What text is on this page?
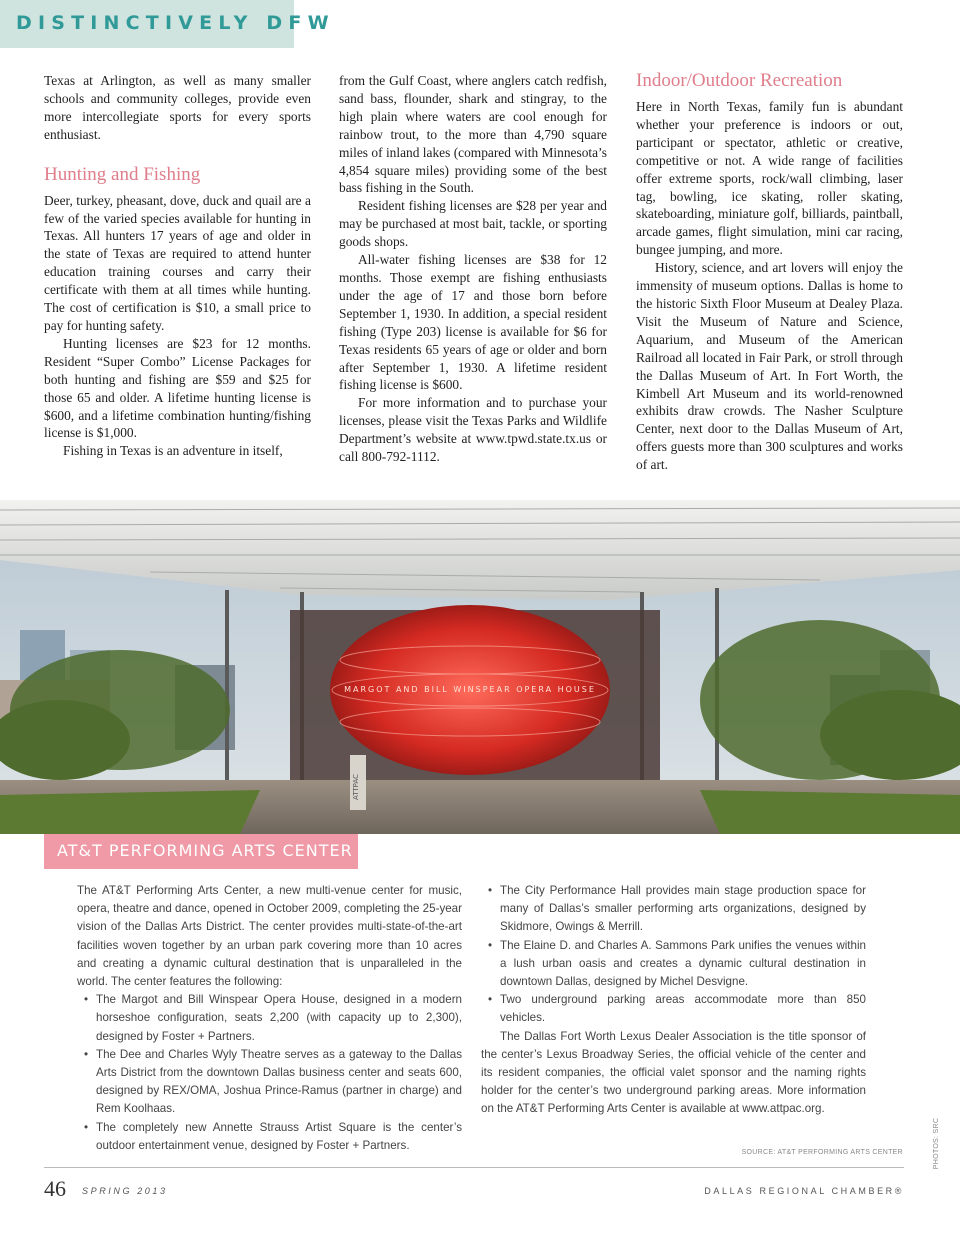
DISTINCTIVELY DFW

Texas at Arlington, as well as many smaller schools and community colleges, provide even more intercollegiate sports for every sports enthusiast.

Hunting and Fishing

Deer, turkey, pheasant, dove, duck and quail are a few of the varied species available for hunting in Texas. All hunters 17 years of age and older in the state of Texas are required to attend hunter education training courses and carry their certificate with them at all times while hunting. The cost of certification is $10, a small price to pay for hunting safety.

Hunting licenses are $23 for 12 months. Resident “Super Combo” License Packages for both hunting and fishing are $59 and $25 for those 65 and older. A lifetime hunting license is $600, and a lifetime combination hunting/fishing license is $1,000.

Fishing in Texas is an adventure in itself,

from the Gulf Coast, where anglers catch redfish, sand bass, flounder, shark and stingray, to the high plain where waters are cool enough for rainbow trout, to the more than 4,790 square miles of inland lakes (compared with Minnesota’s 4,854 square miles) providing some of the best bass fishing in the South.

Resident fishing licenses are $28 per year and may be purchased at most bait, tackle, or sporting goods shops.

All-water fishing licenses are $38 for 12 months. Those exempt are fishing enthusiasts under the age of 17 and those born before September 1, 1930. In addition, a special resident fishing (Type 203) license is available for $6 for Texas residents 65 years of age or older and born after September 1, 1930. A lifetime resident fishing license is $600.

For more information and to purchase your licenses, please visit the Texas Parks and Wildlife Department’s website at www.tpwd.state.tx.us or call 800-792-1112.

Indoor/Outdoor Recreation

Here in North Texas, family fun is abundant whether your preference is indoors or out, participant or spectator, athletic or creative, competitive or not. A wide range of facilities offer extreme sports, rock/wall climbing, laser tag, bowling, ice skating, roller skating, skateboarding, miniature golf, billiards, paintball, arcade games, flight simulation, mini car racing, bungee jumping, and more.

History, science, and art lovers will enjoy the immensity of museum options. Dallas is home to the historic Sixth Floor Museum at Dealey Plaza. Visit the Museum of Nature and Science, Aquarium, and Museum of the American Railroad all located in Fair Park, or stroll through the Dallas Museum of Art. In Fort Worth, the Kimbell Art Museum and its world-renowned exhibits draw crowds. The Nasher Sculpture Center, next door to the Dallas Museum of Art, offers guests more than 300 sculptures and works of art.

MARGOT AND BILL WINSPEAR OPERA HOUSE
ATTPAC
AT&T PERFORMING ARTS CENTER

The AT&T Performing Arts Center, a new multi-venue center for music, opera, theatre and dance, opened in October 2009, completing the 25-year vision of the Dallas Arts District. The center provides multi-state-of-the-art facilities woven together by an urban park covering more than 10 acres and creating a dynamic cultural destination that is unparalleled in the world. The center features the following:

• The Margot and Bill Winspear Opera House, designed in a modern horseshoe configuration, seats 2,200 (with capacity up to 2,300), designed by Foster + Partners.
• The Dee and Charles Wyly Theatre serves as a gateway to the Dallas Arts District from the downtown Dallas business center and seats 600, designed by REX/OMA, Joshua Prince-Ramus (partner in charge) and Rem Koolhaas.
• The completely new Annette Strauss Artist Square is the center’s outdoor entertainment venue, designed by Foster + Partners.
• The City Performance Hall provides main stage production space for many of Dallas’s smaller performing arts organizations, designed by Skidmore, Owings & Merrill.
• The Elaine D. and Charles A. Sammons Park unifies the venues within a lush urban oasis and creates a dynamic cultural destination in downtown Dallas, designed by Michel Desvigne.
• Two underground parking areas accommodate more than 850 vehicles.

The Dallas Fort Worth Lexus Dealer Association is the title sponsor of the center’s Lexus Broadway Series, the official vehicle of the center and its resident companies, the official valet sponsor and the naming rights holder for the center’s two underground parking areas. More information on the AT&T Performing Arts Center is available at www.attpac.org.

SOURCE: AT&T PERFORMING ARTS CENTER	PHOTOS: SRC
46 SPRING 2013	DALLAS REGIONAL CHAMBER®
